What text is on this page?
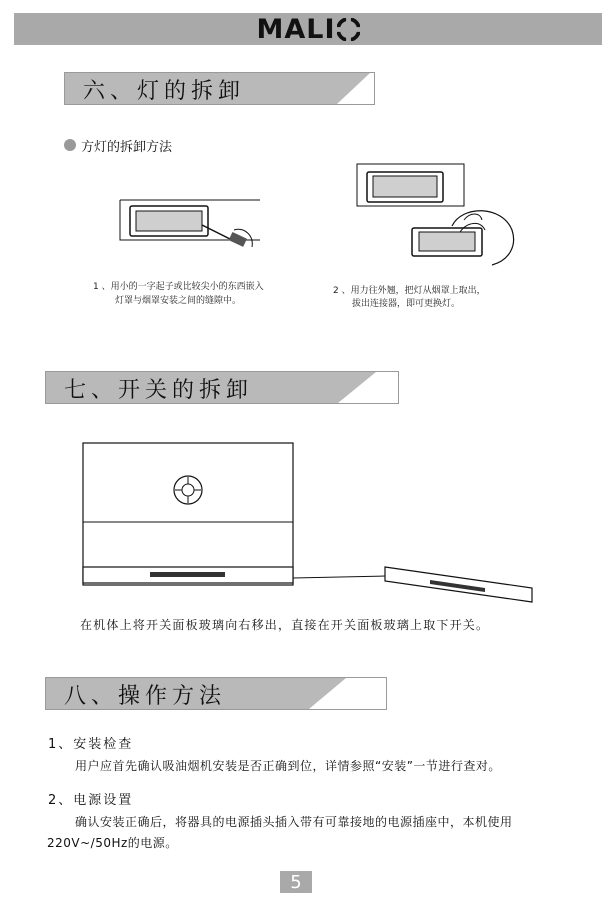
MALI
六、灯的拆卸
方灯的拆卸方法
1 、用小的一字起子或比较尖小的东西嵌入
灯罩与烟罩安装之间的缝隙中。
2 、用力往外翘，把灯从烟罩上取出，
拔出连接器，即可更换灯。
七、开关的拆卸
在机体上将开关面板玻璃向右移出，直接在开关面板玻璃上取下开关。
八、操作方法
1、安装检查
用户应首先确认吸油烟机安装是否正确到位，详情参照“安装”一节进行查对。
2、电源设置
确认安装正确后，将器具的电源插头插入带有可靠接地的电源插座中，本机使用
220V~/50Hz的电源。
5
